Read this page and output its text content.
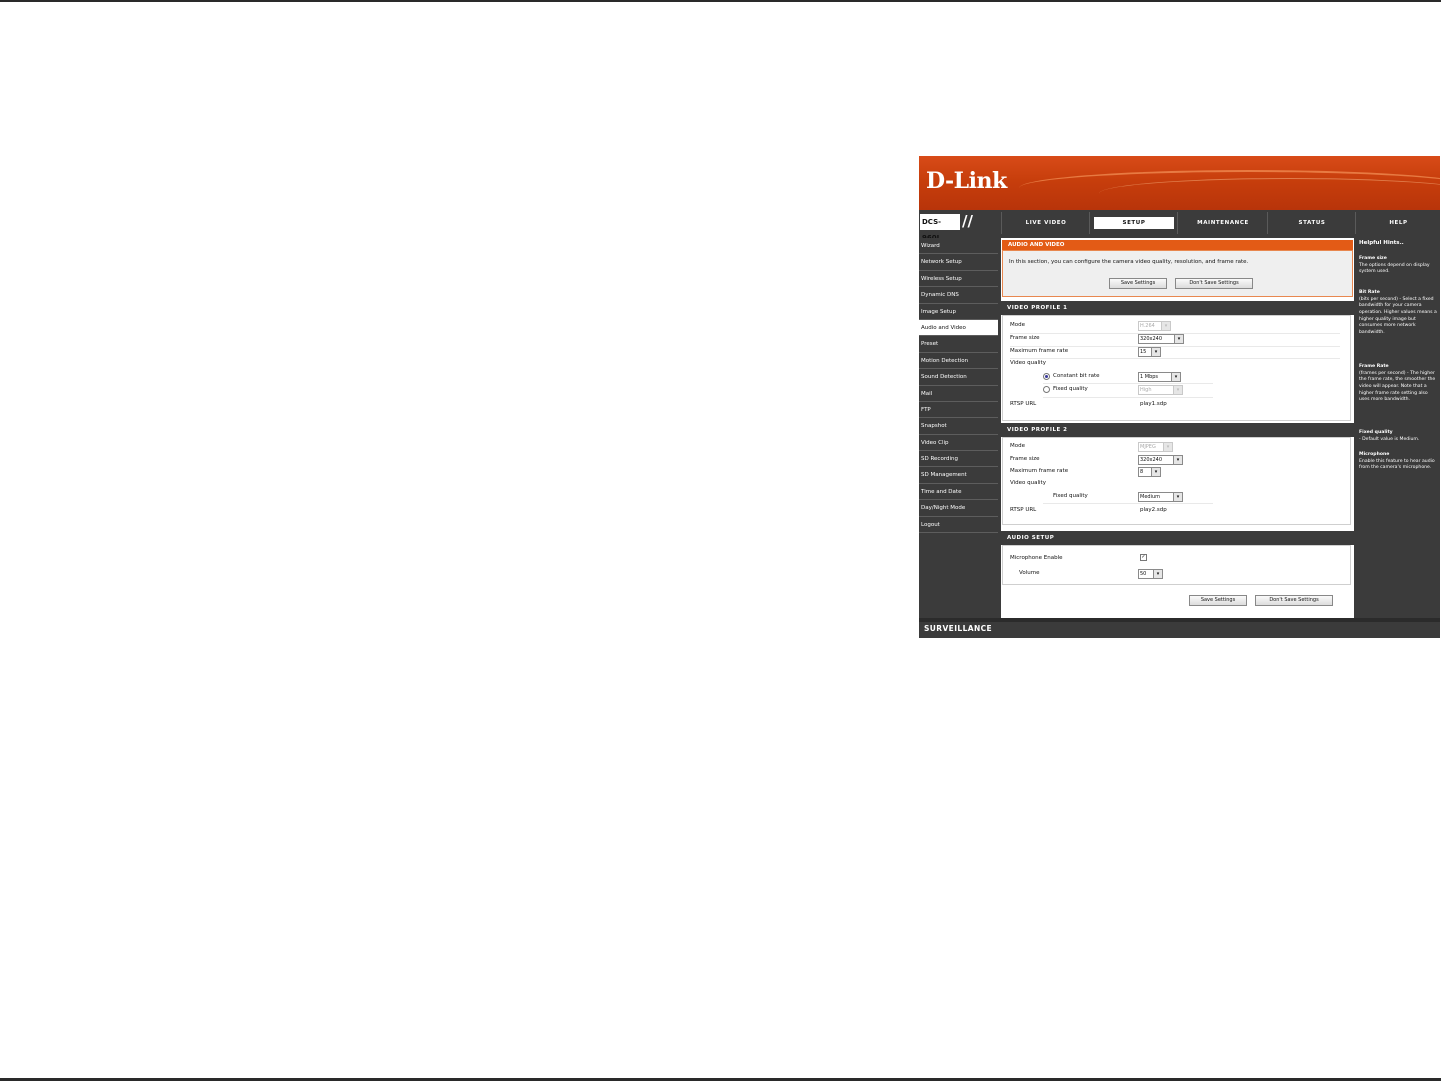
D-Link
DCS-	//	LIVE VIDEO	SETUP	MAINTENANCE	STATUS	HELP
Wizard
Network Setup
Wireless Setup
Dynamic DNS
Image Setup
Audio and Video
Preset
Motion Detection
Sound Detection
Mail
FTP
Snapshot
Video Clip
SD Recording
SD Management
Time and Date
Day/Night Mode
Logout
AUDIO AND VIDEO
In this section, you can configure the camera video quality, resolution, and frame rate.
Save Settings	Don't Save Settings
VIDEO PROFILE 1
Mode	H.264	▾
Frame size	320x240	▾
Maximum frame rate	15	▾
Video quality
Constant bit rate	1 Mbps	▾
Fixed quality	High	▾
RTSP URL	play1.sdp
VIDEO PROFILE 2
Mode	MJPEG	▾
Frame size	320x240	▾
Maximum frame rate	8	▾
Video quality
Fixed quality	Medium	▾
RTSP URL	play2.sdp
AUDIO SETUP
Microphone Enable	✓
Volume	50	▾
Save Settings	Don't Save Settings
Helpful Hints..
Frame size
The options depend on display system used.
Bit Rate
(bits per second) - Select a fixed bandwidth for your camera operation. Higher values means a higher quality image but consumes more network bandwidth.
Frame Rate
(frames per second) - The higher the frame rate, the smoother the video will appear. Note that a higher frame rate setting also uses more bandwidth.
Fixed quality
- Default value is Medium.
Microphone
Enable this feature to hear audio from the camera's microphone.
SURVEILLANCE
